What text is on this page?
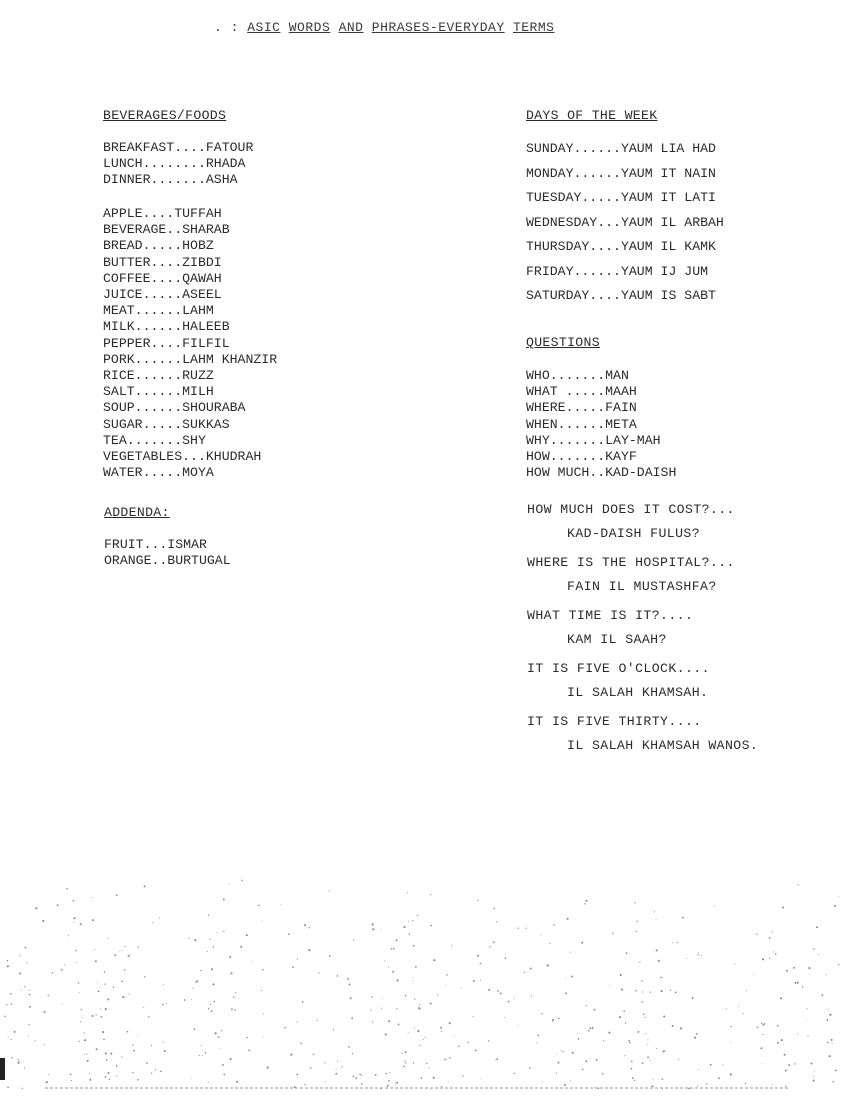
. : ASIC WORDS AND PHRASES-EVERYDAY TERMS
BEVERAGES/FOODS
BREAKFAST....FATOUR
LUNCH........RHADA
DINNER.......ASHA
APPLE....TUFFAH
BEVERAGE..SHARAB
BREAD.....HOBZ
BUTTER....ZIBDI
COFFEE....QAWAH
JUICE.....ASEEL
MEAT......LAHM
MILK......HALEEB
PEPPER....FILFIL
PORK......LAHM KHANZIR
RICE......RUZZ
SALT......MILH
SOUP......SHOURABA
SUGAR.....SUKKAS
TEA.......SHY
VEGETABLES...KHUDRAH
WATER.....MOYA
ADDENDA:
FRUIT...ISMAR
ORANGE..BURTUGAL
DAYS OF THE WEEK
SUNDAY......YAUM LIA HAD
MONDAY......YAUM IT NAIN
TUESDAY.....YAUM IT LATI
WEDNESDAY...YAUM IL ARBAH
THURSDAY....YAUM IL KAMK
FRIDAY......YAUM IJ JUM
SATURDAY....YAUM IS SABT
QUESTIONS
WHO.......MAN
WHAT .....MAAH
WHERE.....FAIN
WHEN......META
WHY.......LAY-MAH
HOW.......KAYF
HOW MUCH..KAD-DAISH
HOW MUCH DOES IT COST?...
KAD-DAISH FULUS?
WHERE IS THE HOSPITAL?...
FAIN IL MUSTASHFA?
WHAT TIME IS IT?....
KAM IL SAAH?
IT IS FIVE O'CLOCK....
IL SALAH KHAMSAH.
IT IS FIVE THIRTY....
IL SALAH KHAMSAH WANOS.
